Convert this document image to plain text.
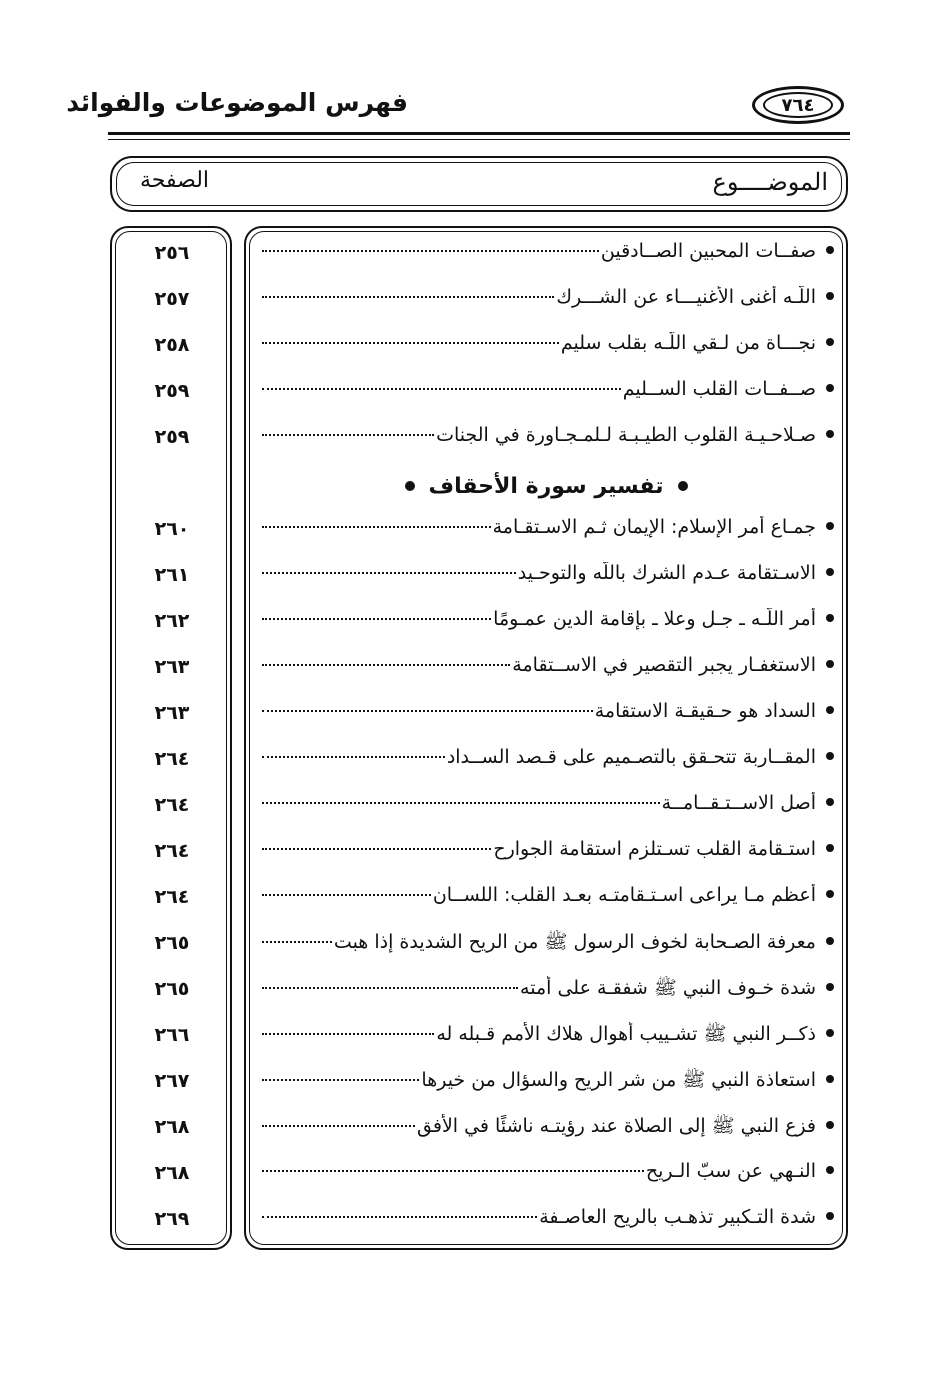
فهرس الموضوعات والفوائد	٧٦٤
الموضــــوع
الصفحة
٢٥٦	صفــات المحبين الصــادقين
٢٥٧	اللّـه أغنى الأغنيـــاء عن الشـــرك
٢٥٨	نجـــاة من لـقي اللّـه بقلب سليم
٢٥٩	صــفــات القلب الســليم
٢٥٩	صـلاحـيـة القلوب الطيـبـة لـلمـجـاورة في الجنات
تفسير سورة الأحقاف
٢٦٠	جمـاع أمر الإسلام: الإيمان ثـم الاسـتقـامة
٢٦١	الاسـتقامة عـدم الشرك باللّه والتوحـيد
٢٦٢	أمر اللّـه ـ جـل وعلا ـ بإقامة الدين عمـومًا
٢٦٣	الاستغفـار يجبر التقصير في الاســتقامة
٢٦٣	السداد هو حـقيقـة الاستقامة
٢٦٤	المقــاربة تتحـقق بالتصـميم على قـصد الســداد
٢٦٤	أصل الاســتـقــامــة
٢٦٤	استـقامة القلب تسـتلزم استقامة الجوارح
٢٦٤	أعظم مـا يراعى اسـتـقامتـه بعـد القلب: اللســان
٢٦٥	معرفة الصـحابة لخوف الرسول ﷺ من الريح الشديدة إذا هبت
٢٦٥	شدة خـوف النبي ﷺ شفقـة على أمته
٢٦٦	ذكــر النبي ﷺ تشـييب أهوال هلاك الأمم قـبله له
٢٦٧	استعاذة النبي ﷺ من شر الريح والسؤال من خيرها
٢٦٨	فزع النبي ﷺ إلى الصلاة عند رؤيتـه ناشئًا في الأفق
٢٦٨	النـهي عن سبّ الـريح
٢٦٩	شدة التـكبير تذهـب بالريح العاصـفة
